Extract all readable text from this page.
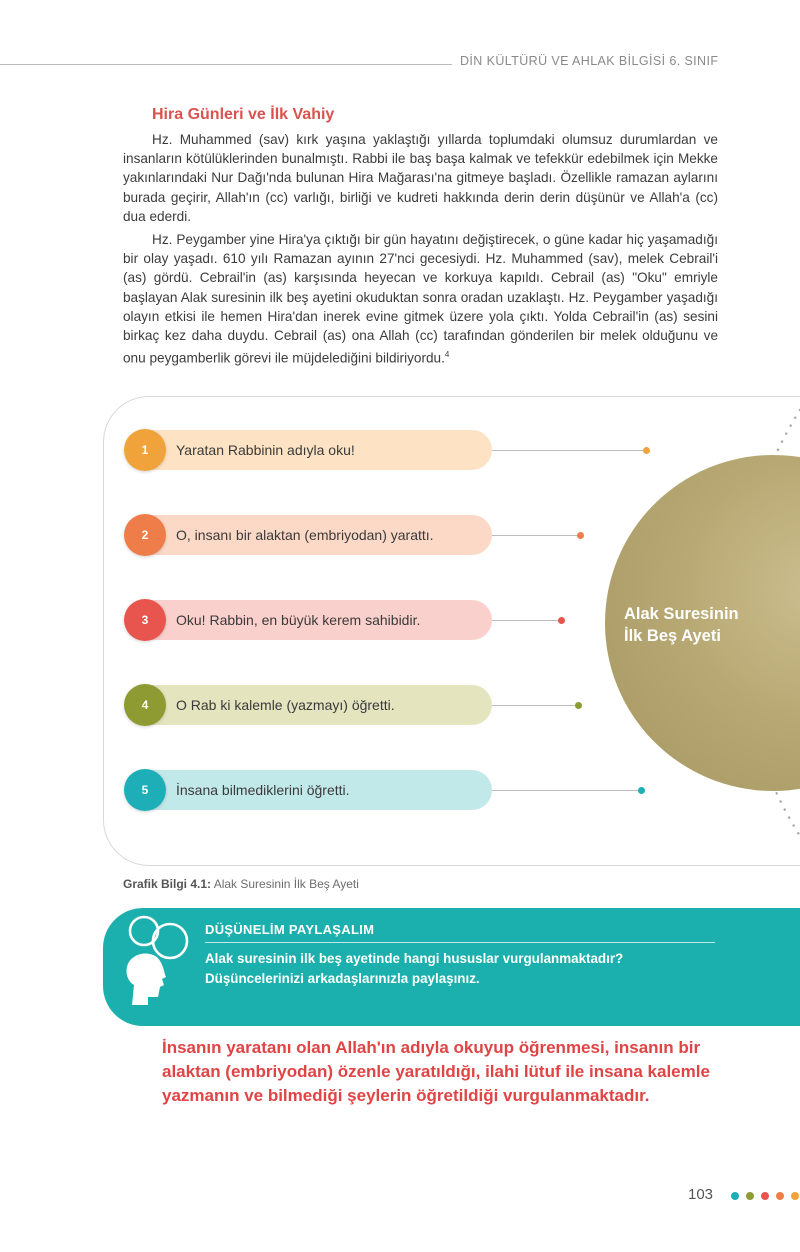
DİN KÜLTÜRÜ VE AHLAK BİLGİSİ 6. SINIF
Hira Günleri ve İlk Vahiy

Hz. Muhammed (sav) kırk yaşına yaklaştığı yıllarda toplumdaki olumsuz durumlardan ve insanların kötülüklerinden bunalmıştı. Rabbi ile baş başa kalmak ve tefekkür edebilmek için Mekke yakınlarındaki Nur Dağı'nda bulunan Hira Mağarası'na gitmeye başladı. Özellikle ramazan aylarını burada geçirir, Allah'ın (cc) varlığı, birliği ve kudreti hakkında derin derin düşünür ve Allah'a (cc) dua ederdi.

Hz. Peygamber yine Hira'ya çıktığı bir gün hayatını değiştirecek, o güne kadar hiç yaşamadığı bir olay yaşadı. 610 yılı Ramazan ayının 27'nci gecesiydi. Hz. Muhammed (sav), melek Cebrail'i (as) gördü. Cebrail'in (as) karşısında heyecan ve korkuya kapıldı. Cebrail (as) "Oku" emriyle başlayan Alak suresinin ilk beş ayetini okuduktan sonra oradan uzaklaştı. Hz. Peygamber yaşadığı olayın etkisi ile hemen Hira'dan inerek evine gitmek üzere yola çıktı. Yolda Cebrail'in (as) sesini birkaç kez daha duydu. Cebrail (as) ona Allah (cc) tarafından gönderilen bir melek olduğunu ve onu peygamberlik görevi ile müjdelediğini bildiriyordu.$^4$

Alak Suresinin
İlk Beş Ayeti
1	Yaratan Rabbinin adıyla oku!
2	O, insanı bir alaktan (embriyodan) yarattı.
3	Oku! Rabbin, en büyük kerem sahibidir.
4	O Rab ki kalemle (yazmayı) öğretti.
5	İnsana bilmediklerini öğretti.
Grafik Bilgi 4.1: Alak Suresinin İlk Beş Ayeti
DÜŞÜNELİM PAYLAŞALIM

Alak suresinin ilk beş ayetinde hangi hususlar vurgulanmaktadır? Düşüncelerinizi arkadaşlarınızla paylaşınız.

İnsanın yaratanı olan Allah'ın adıyla okuyup öğrenmesi, insanın bir alaktan (embriyodan) özenle yaratıldığı, ilahi lütuf ile insana kalemle yazmanın ve bilmediği şeylerin öğretildiği vurgulanmaktadır.

103
